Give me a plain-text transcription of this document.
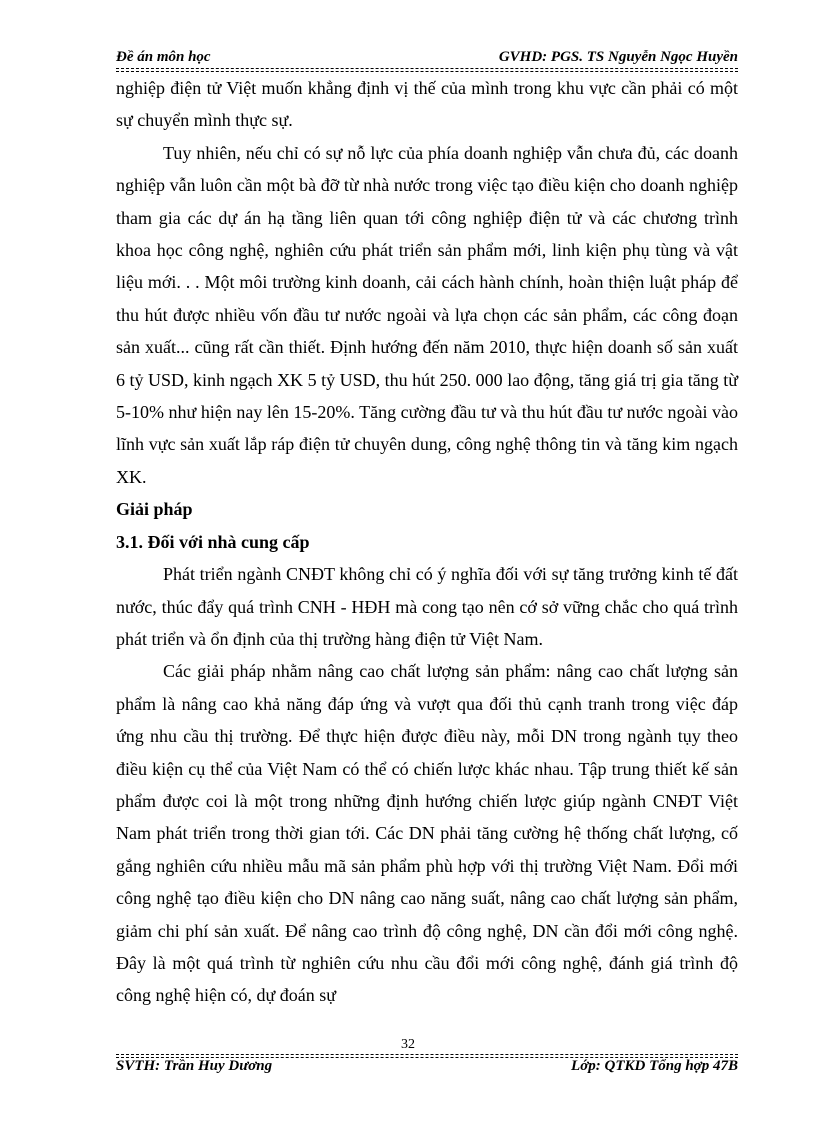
Đề án môn học	GVHD: PGS. TS Nguyễn Ngọc Huyền

nghiệp điện tử Việt muốn khẳng định vị thế của mình trong khu vực cần phải có một sự chuyển mình thực sự.

Tuy nhiên, nếu chỉ có sự nỗ lực của phía doanh nghiệp vẫn chưa đủ, các doanh nghiệp vẫn luôn cần một bà đỡ từ nhà nước trong việc tạo điều kiện cho doanh nghiệp tham gia các dự án hạ tầng liên quan tới công nghiệp điện tử và các chương trình khoa học công nghệ, nghiên cứu phát triển sản phẩm mới, linh kiện phụ tùng và vật liệu mới. . . Một môi trường kinh doanh, cải cách hành chính, hoàn thiện luật pháp để thu hút được nhiều vốn đầu tư nước ngoài và lựa chọn các sản phẩm, các công đoạn sản xuất... cũng rất cần thiết. Định hướng đến năm 2010, thực hiện doanh số sản xuất 6 tỷ USD, kinh ngạch XK 5 tỷ USD, thu hút 250. 000 lao động, tăng giá trị gia tăng từ 5-10% như hiện nay lên 15-20%. Tăng cường đầu tư và thu hút đầu tư nước ngoài vào lĩnh vực sản xuất lắp ráp điện tử chuyên dung, công nghệ thông tin và tăng kim ngạch XK.

Giải pháp

3.1. Đối với nhà cung cấp

Phát triển ngành CNĐT không chỉ có ý nghĩa đối với sự tăng trưởng kinh tế đất nước, thúc đẩy quá trình CNH - HĐH mà cong tạo nên cớ sở vững chắc cho quá trình phát triển và ổn định của thị trường hàng điện tử Việt Nam.

Các giải pháp nhằm nâng cao chất lượng sản phẩm: nâng cao chất lượng sản phẩm là nâng cao khả năng đáp ứng và vượt qua đối thủ cạnh tranh trong việc đáp ứng nhu cầu thị trường. Để thực hiện được điều này, mỗi DN trong ngành tụy theo điều kiện cụ thể của Việt Nam có thể có chiến lược khác nhau. Tập trung thiết kế sản phẩm được coi là một trong những định hướng chiến lược giúp ngành CNĐT Việt Nam phát triển trong thời gian tới. Các DN phải tăng cường hệ thống chất lượng, cố gắng nghiên cứu nhiều mẫu mã sản phẩm phù hợp với thị trường Việt Nam. Đổi mới công nghệ tạo điều kiện cho DN nâng cao năng suất, nâng cao chất lượng sản phẩm, giảm chi phí sản xuất. Để nâng cao trình độ công nghệ, DN cần đổi mới công nghệ. Đây là một quá trình từ nghiên cứu nhu cầu đổi mới công nghệ, đánh giá trình độ công nghệ hiện có, dự đoán sự

32
SVTH: Trần Huy Dương	Lớp: QTKD Tổng hợp 47B
